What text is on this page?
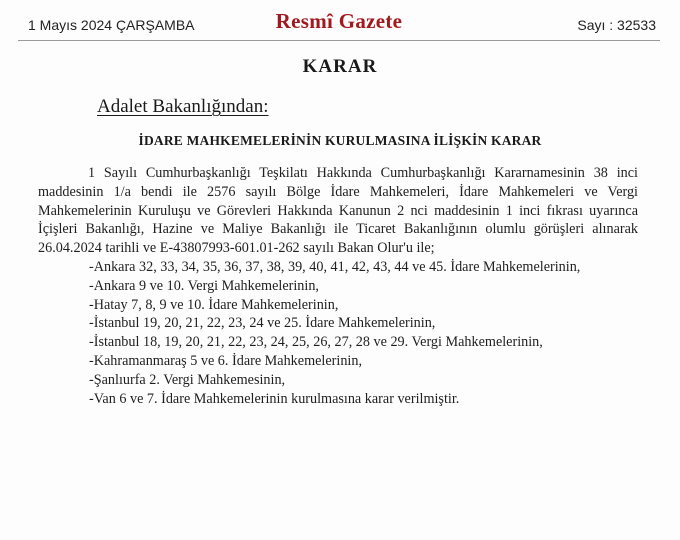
1 Mayıs 2024 ÇARŞAMBA	Resmî Gazete	Sayı : 32533
KARAR
Adalet Bakanlığından:
İDARE MAHKEMELERİNİN KURULMASINA İLİŞKİN KARAR

1 Sayılı Cumhurbaşkanlığı Teşkilatı Hakkında Cumhurbaşkanlığı Kararnamesinin 38 inci maddesinin 1/a bendi ile 2576 sayılı Bölge İdare Mahkemeleri, İdare Mahkemeleri ve Vergi Mahkemelerinin Kuruluşu ve Görevleri Hakkında Kanunun 2 nci maddesinin 1 inci fıkrası uyarınca İçişleri Bakanlığı, Hazine ve Maliye Bakanlığı ile Ticaret Bakanlığının olumlu görüşleri alınarak 26.04.2024 tarihli ve E-43807993-601.01-262 sayılı Bakan Olur'u ile;

-Ankara 32, 33, 34, 35, 36, 37, 38, 39, 40, 41, 42, 43, 44 ve 45. İdare Mahkemelerinin,

-Ankara 9 ve 10. Vergi Mahkemelerinin,

-Hatay 7, 8, 9 ve 10. İdare Mahkemelerinin,

-İstanbul 19, 20, 21, 22, 23, 24 ve 25. İdare Mahkemelerinin,

-İstanbul 18, 19, 20, 21, 22, 23, 24, 25, 26, 27, 28 ve 29. Vergi Mahkemelerinin,

-Kahramanmaraş 5 ve 6. İdare Mahkemelerinin,

-Şanlıurfa 2. Vergi Mahkemesinin,

-Van 6 ve 7. İdare Mahkemelerinin kurulmasına karar verilmiştir.
